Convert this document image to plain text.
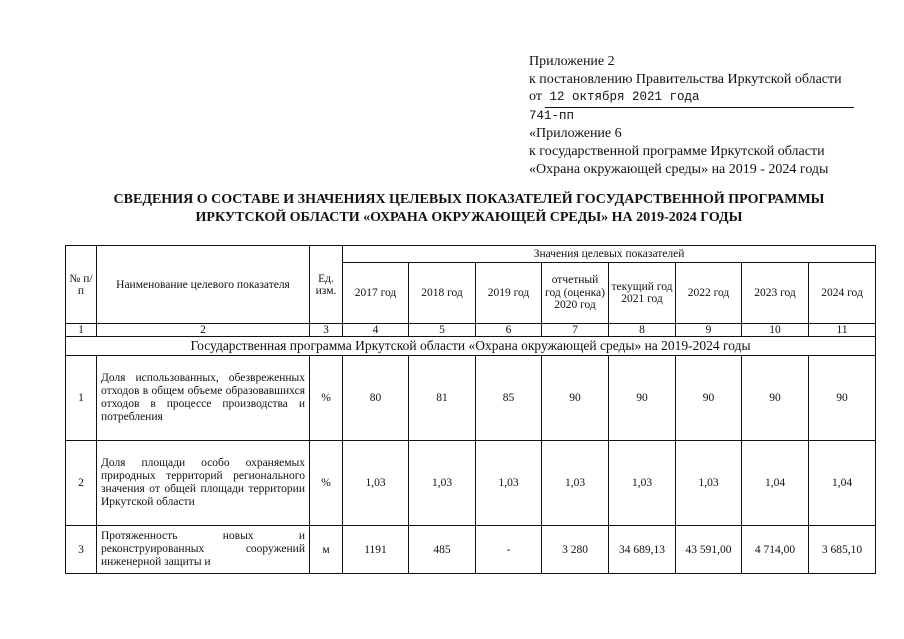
Приложение 2
к постановлению Правительства Иркутской области
от 12 октября 2021 года
741-пп
«Приложение 6
к государственной программе Иркутской области
«Охрана окружающей среды» на 2019 - 2024 годы
СВЕДЕНИЯ О СОСТАВЕ И ЗНАЧЕНИЯХ ЦЕЛЕВЫХ ПОКАЗАТЕЛЕЙ ГОСУДАРСТВЕННОЙ ПРОГРАММЫ
ИРКУТСКОЙ ОБЛАСТИ «ОХРАНА ОКРУЖАЮЩЕЙ СРЕДЫ» НА 2019-2024 ГОДЫ
№ п/п	Наименование целевого показателя	Ед. изм.	Значения целевых показателей							
			2017 год	2018 год	2019 год	отчетный год (оценка) 2020 год	текущий год 2021 год	2022 год	2023 год	2024 год
1	2	3	4	5	6	7	8	9	10	11
Государственная программа Иркутской области «Охрана окружающей среды» на 2019-2024 годы										
1	Доля использованных, обезвреженных отходов в общем объеме образовавшихся отходов в процессе производства и потребления	%	80	81	85	90	90	90	90	90
2	Доля площади особо охраняемых природных территорий регионального значения от общей площади территории Иркутской области	%	1,03	1,03	1,03	1,03	1,03	1,03	1,04	1,04
3	Протяженность новых и реконструированных сооружений инженерной защиты и	м	1191	485	-	3 280	34 689,13	43 591,00	4 714,00	3 685,10
